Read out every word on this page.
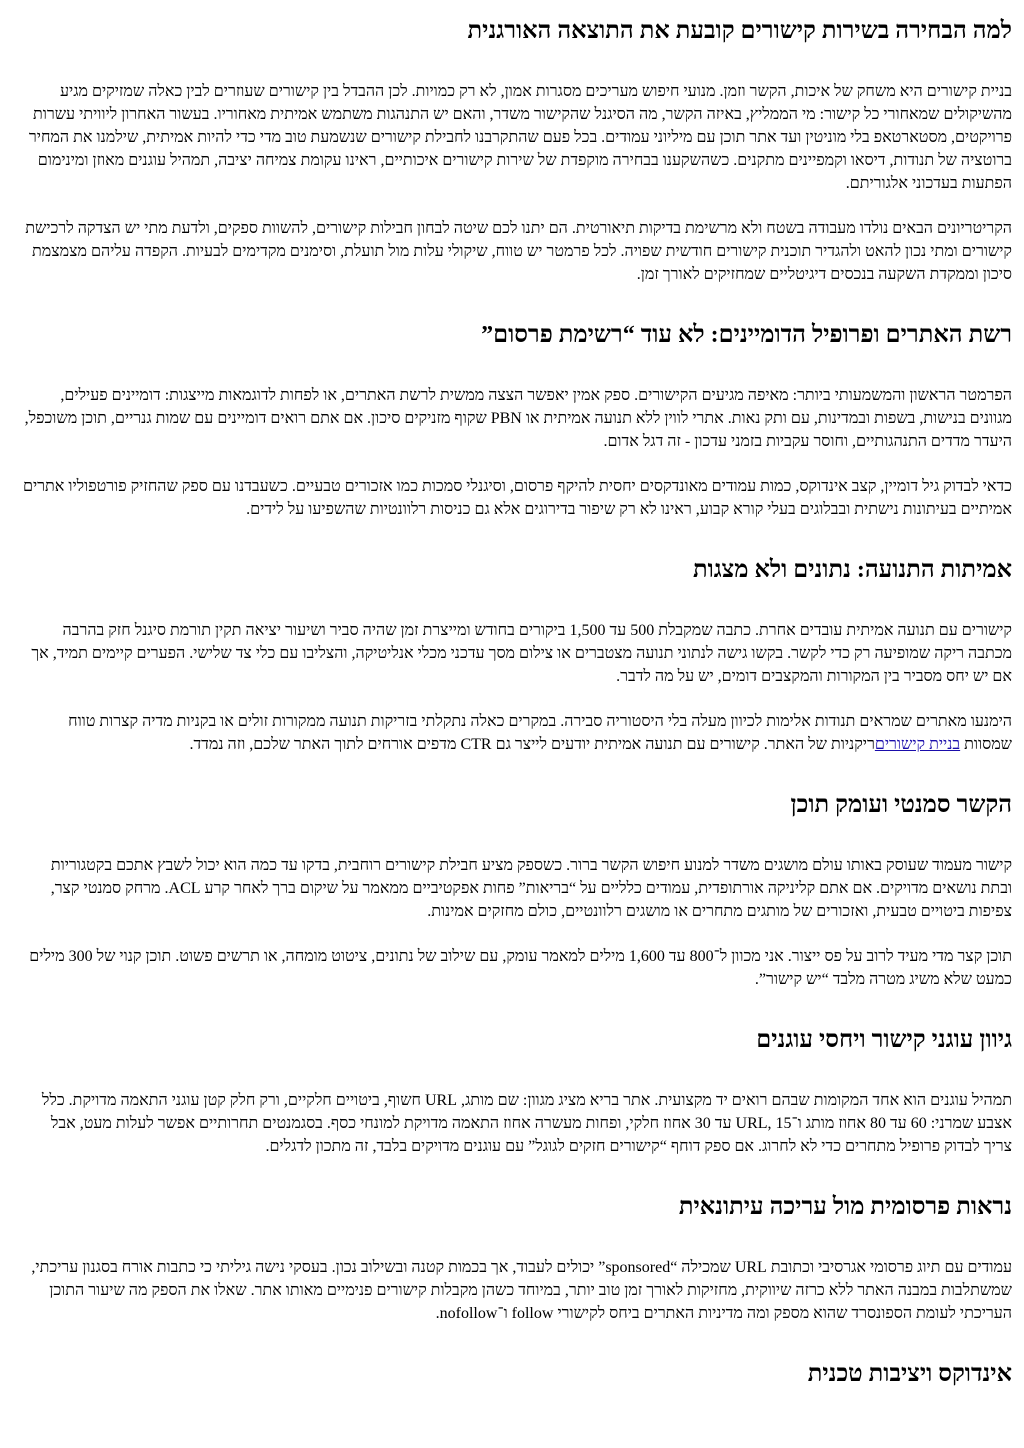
למה הבחירה בשירות קישורים קובעת את התוצאה האורגנית

בניית קישורים היא משחק של איכות, הקשר וזמן. מנועי חיפוש מעריכים מסגרות אמון, לא רק כמויות. לכן ההבדל בין קישורים שעוזרים לבין כאלה שמזיקים מגיע מהשיקולים שמאחורי כל קישור: מי הממליץ, באיזה הקשר, מה הסיגנל שהקישור משדר, והאם יש התנהגות משתמש אמיתית מאחוריו. בעשור האחרון ליוויתי עשרות פרויקטים, מסטארטאפ בלי מוניטין ועד אתר תוכן עם מיליוני עמודים. בכל פעם שהתקרבנו לחבילת קישורים שנשמעת טוב מדי כדי להיות אמיתית, שילמנו את המחיר ברוטציה של תנודות, דיסאו וקמפיינים מתקנים. כשהשקענו בבחירה מוקפדת של שירות קישורים איכותיים, ראינו עקומת צמיחה יציבה, תמהיל עוגנים מאוזן ומינימום הפתעות בעדכוני אלגוריתם.

הקריטריונים הבאים נולדו מעבודה בשטח ולא מרשימת בדיקות תיאורטית. הם יתנו לכם שיטה לבחון חבילות קישורים, להשוות ספקים, ולדעת מתי יש הצדקה לרכישת קישורים ומתי נכון להאט ולהגדיר תוכנית קישורים חודשית שפויה. לכל פרמטר יש טווח, שיקולי עלות מול תועלת, וסימנים מקדימים לבעיות. הקפדה עליהם מצמצמת סיכון וממקדת השקעה בנכסים דיגיטליים שמחזיקים לאורך זמן.

רשת האתרים ופרופיל הדומיינים: לא עוד “רשימת פרסום”

הפרמטר הראשון והמשמעותי ביותר: מאיפה מגיעים הקישורים. ספק אמין יאפשר הצצה ממשית לרשת האתרים, או לפחות לדוגמאות מייצגות: דומיינים פעילים, מגוונים בנישות, בשפות ובמדינות, עם ותק נאות. אתרי לווין ללא תנועה אמיתית או PBN שקוף מזניקים סיכון. אם אתם רואים דומיינים עם שמות גנריים, תוכן משוכפל, היעדר מדדים התנהגותיים, וחוסר עקביות בזמני עדכון - זה דגל אדום.

כדאי לבדוק גיל דומיין, קצב אינדוקס, כמות עמודים מאונדקסים יחסית להיקף פרסום, וסיגנלי סמכות כמו אזכורים טבעיים. כשעבדנו עם ספק שהחזיק פורטפוליו אתרים אמיתיים בעיתונות נישתית ובבלוגים בעלי קורא קבוע, ראינו לא רק שיפור בדירוגים אלא גם כניסות רלוונטיות שהשפיעו על לידים.

אמיתות התנועה: נתונים ולא מצגות

קישורים עם תנועה אמיתית עובדים אחרת. כתבה שמקבלת 500 עד 1,500 ביקורים בחודש ומייצרת זמן שהיה סביר ושיעור יציאה תקין תורמת סיגנל חזק בהרבה מכתבה ריקה שמופיעה רק כדי לקשר. בקשו גישה לנתוני תנועה מצטברים או צילום מסך עדכני מכלי אנליטיקה, והצליבו עם כלי צד שלישי. הפערים קיימים תמיד, אך אם יש יחס מסביר בין המקורות והמקצבים דומים, יש על מה לדבר.

הימנעו מאתרים שמראים תנודות אלימות לכיוון מעלה בלי היסטוריה סבירה. במקרים כאלה נתקלתי בזריקות תנועה ממקורות זולים או בקניות מדיה קצרות טווח שמסוות בניית קישוריםריקניות של האתר. קישורים עם תנועה אמיתית יודעים לייצר גם CTR מדפים אורחים לתוך האתר שלכם, וזה נמדד.

הקשר סמנטי ועומק תוכן

קישור מעמוד שעוסק באותו עולם מושגים משדר למנוע חיפוש הקשר ברור. כשספק מציע חבילת קישורים רוחבית, בדקו עד כמה הוא יכול לשבץ אתכם בקטגוריות ובתת נושאים מדויקים. אם אתם קליניקה אורתופדית, עמודים כלליים על “בריאות” פחות אפקטיביים ממאמר על שיקום ברך לאחר קרע ACL. מרחק סמנטי קצר, צפיפות ביטויים טבעית, ואזכורים של מותגים מתחרים או מושגים רלוונטיים, כולם מחזקים אמינות.

תוכן קצר מדי מעיד לרוב על פס ייצור. אני מכוון ל־800 עד 1,600 מילים למאמר עומק, עם שילוב של נתונים, ציטוט מומחה, או תרשים פשוט. תוכן קנוי של 300 מילים כמעט שלא משיג מטרה מלבד “יש קישור”.

גיוון עוגני קישור ויחסי עוגנים

תמהיל עוגנים הוא אחד המקומות שבהם רואים יד מקצועית. אתר בריא מציג מגוון: שם מותג, URL חשוף, ביטויים חלקיים, ורק חלק קטן עוגני התאמה מדויקת. כלל אצבע שמרני: 60 עד 80 אחוז מותג ו־URL, 15 עד 30 אחוז חלקי, ופחות מעשרה אחוז התאמה מדויקת למונחי כסף. בסגמנטים תחרותיים אפשר לעלות מעט, אבל צריך לבדוק פרופיל מתחרים כדי לא לחרוג. אם ספק דוחף “קישורים חזקים לגוגל” עם עוגנים מדויקים בלבד, זה מתכון לדגלים.

נראות פרסומית מול עריכה עיתונאית

עמודים עם תיוג פרסומי אגרסיבי וכתובת URL שמכילה “sponsored” יכולים לעבוד, אך בכמות קטנה ובשילוב נכון. בעסקי נישה גיליתי כי כתבות אורח בסגנון עריכתי, שמשתלבות במבנה האתר ללא כרזה שיווקית, מחזיקות לאורך זמן טוב יותר, במיוחד כשהן מקבלות קישורים פנימיים מאותו אתר. שאלו את הספק מה שיעור התוכן העריכתי לעומת הספונסרד שהוא מספק ומה מדיניות האתרים ביחס לקישורי follow ו־nofollow.

אינדוקס ויציבות טכנית
